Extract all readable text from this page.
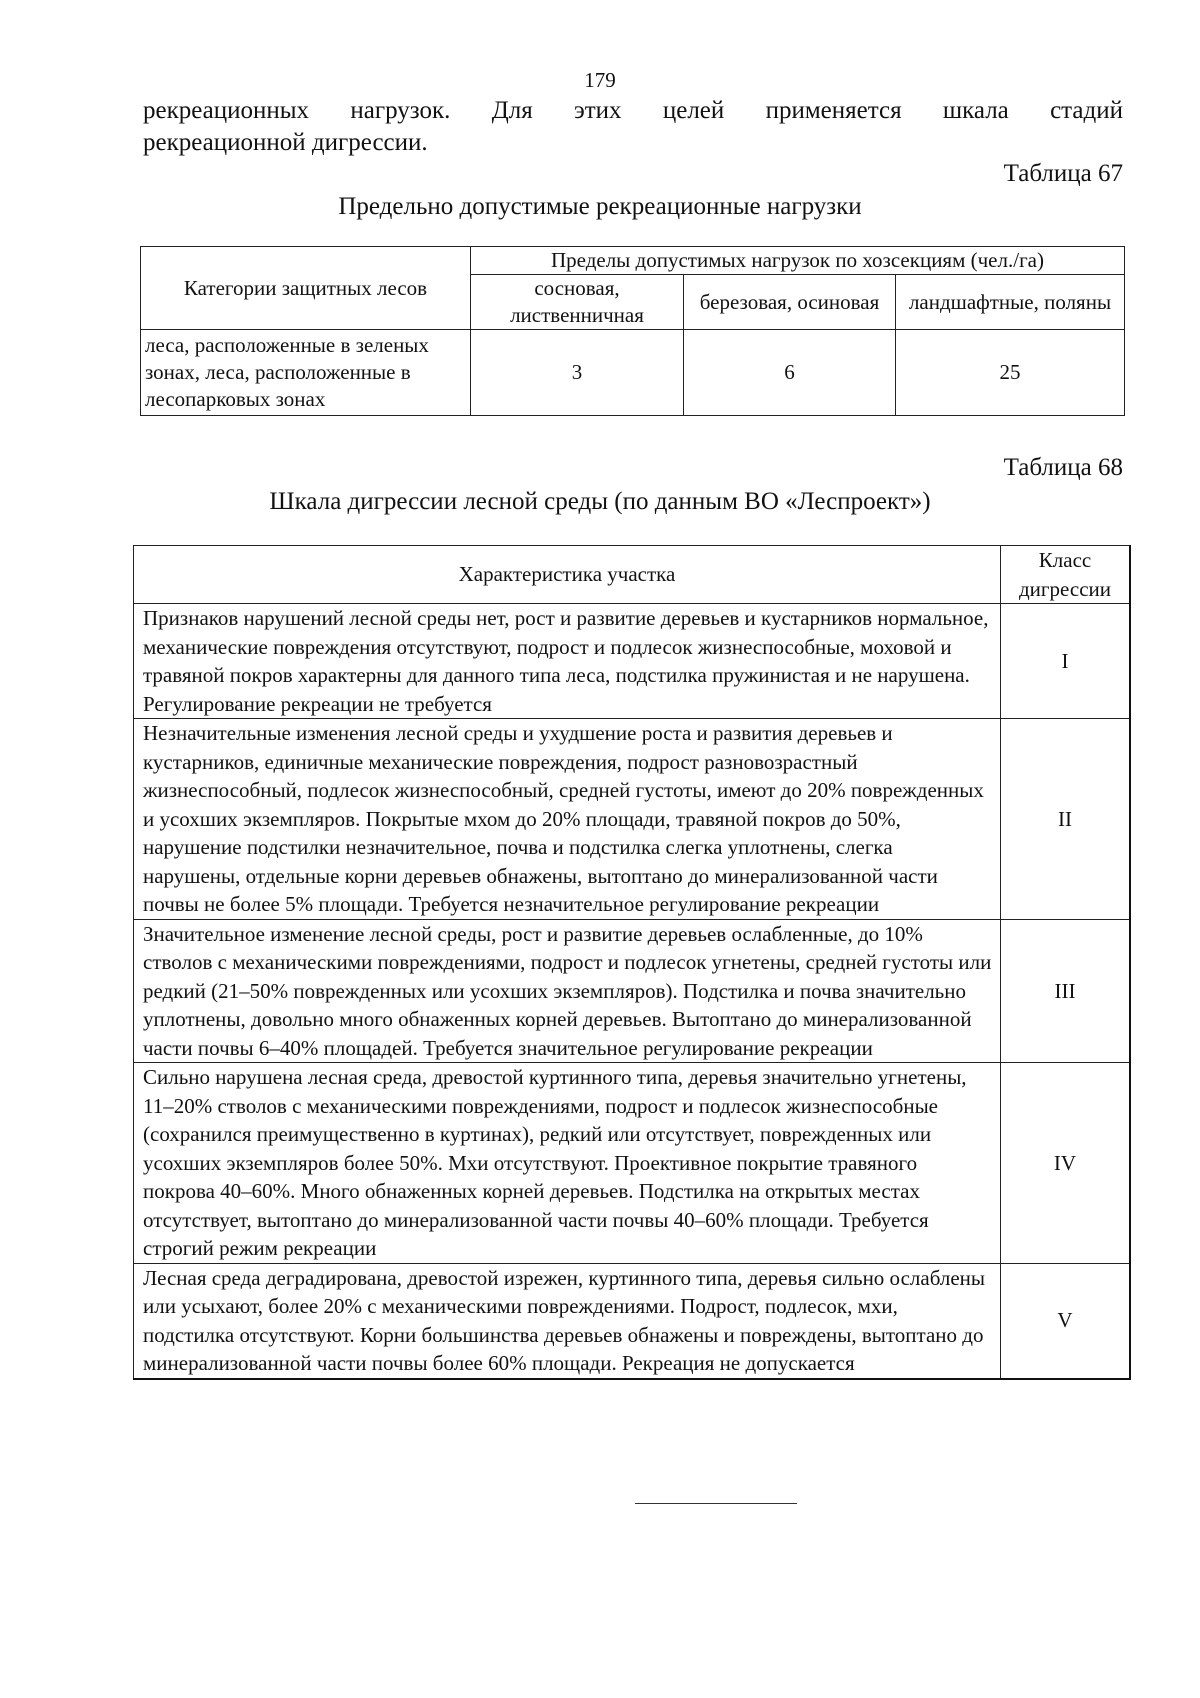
179
рекреационных нагрузок. Для этих целей применяется шкала стадий
рекреационной дигрессии.
Таблица 67
Предельно допустимые рекреационные нагрузки
Категории защитных лесов	Пределы допустимых нагрузок по хозсекциям (чел./га)		
	сосновая, лиственничная	березовая, осиновая	ландшафтные, поляны
леса, расположенные в зеленых зонах, леса, расположенные в лесопарковых зонах	3	6	25
Таблица 68
Шкала дигрессии лесной среды (по данным ВО «Леспроект»)
Характеристика участка	Класс дигрессии
Признаков нарушений лесной среды нет, рост и развитие деревьев и кустарников нормальное, механические повреждения отсутствуют, подрост и подлесок жизнеспособные, моховой и травяной покров характерны для данного типа леса, подстилка пружинистая и не нарушена. Регулирование рекреации не требуется	I
Незначительные изменения лесной среды и ухудшение роста и развития деревьев и кустарников, единичные механические повреждения, подрост разновозрастный жизнеспособный, подлесок жизнеспособный, средней густоты, имеют до 20% поврежденных и усохших экземпляров. Покрытые мхом до 20% площади, травяной покров до 50%, нарушение подстилки незначительное, почва и подстилка слегка уплотнены, слегка нарушены, отдельные корни деревьев обнажены, вытоптано до минерализованной части почвы не более 5% площади. Требуется незначительное регулирование рекреации	II
Значительное изменение лесной среды, рост и развитие деревьев ослабленные, до 10% стволов с механическими повреждениями, подрост и подлесок угнетены, средней густоты или редкий (21–50% поврежденных или усохших экземпляров). Подстилка и почва значительно уплотнены, довольно много обнаженных корней деревьев. Вытоптано до минерализованной части почвы 6–40% площадей. Требуется значительное регулирование рекреации	III
Сильно нарушена лесная среда, древостой куртинного типа, деревья значительно угнетены, 11–20% стволов с механическими повреждениями, подрост и подлесок жизнеспособные (сохранился преимущественно в куртинах), редкий или отсутствует, поврежденных или усохших экземпляров более 50%. Мхи отсутствуют. Проективное покрытие травяного покрова 40–60%. Много обнаженных корней деревьев. Подстилка на открытых местах отсутствует, вытоптано до минерализованной части почвы 40–60% площади. Требуется строгий режим рекреации	IV
Лесная среда деградирована, древостой изрежен, куртинного типа, деревья сильно ослаблены или усыхают, более 20% с механическими повреждениями. Подрост, подлесок, мхи, подстилка отсутствуют. Корни большинства деревьев обнажены и повреждены, вытоптано до минерализованной части почвы более 60% площади. Рекреация не допускается	V
